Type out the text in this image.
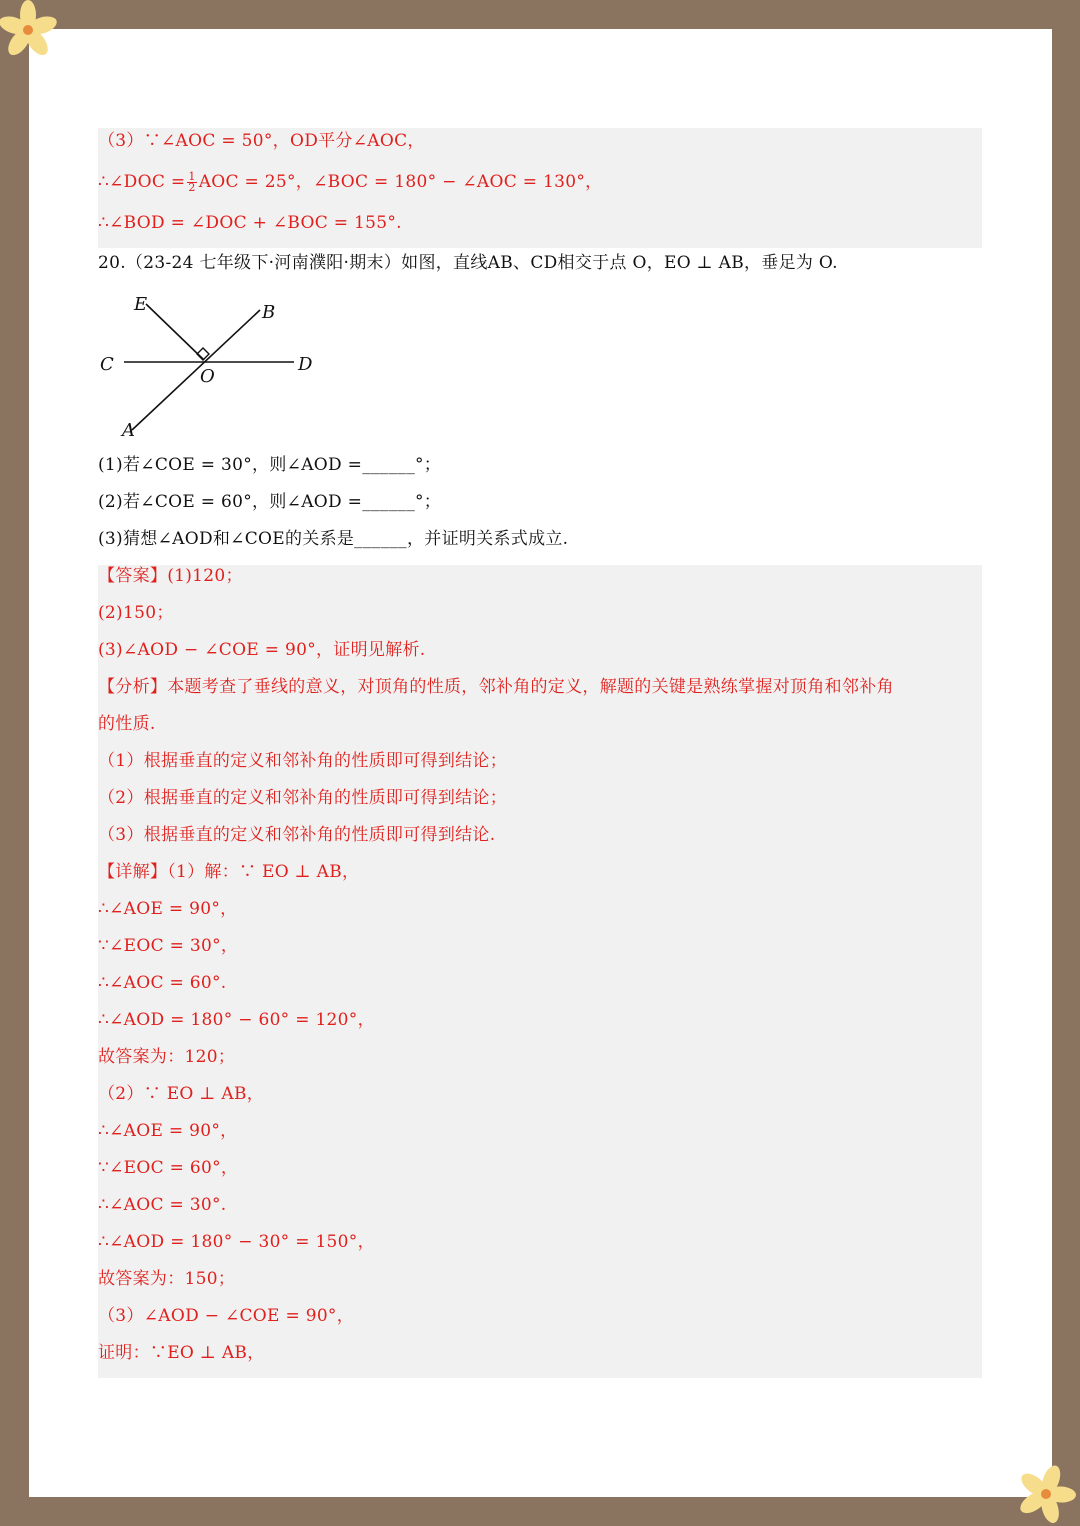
（3）∵∠AOC = 50°，OD平分∠AOC，
∴∠DOC = $\frac{1}{2}$ AOC = 25°，∠BOC = 180° − ∠AOC = 130°，
∴∠BOD = ∠DOC + ∠BOC = 155°.
20.（23-24 七年级下·河南濮阳·期末）如图，直线AB、CD相交于点 O，EO ⊥ AB，垂足为 O.
E	B
C	D
O
A
(1)若∠COE = 30°，则∠AOD =______°；
(2)若∠COE = 60°，则∠AOD =______°；
(3)猜想∠AOD和∠COE的关系是______，并证明关系式成立.
【答案】(1)120；
(2)150；
(3)∠AOD − ∠COE = 90°，证明见解析.
【分析】本题考查了垂线的意义，对顶角的性质，邻补角的定义，解题的关键是熟练掌握对顶角和邻补角
的性质.
（1）根据垂直的定义和邻补角的性质即可得到结论；
（2）根据垂直的定义和邻补角的性质即可得到结论；
（3）根据垂直的定义和邻补角的性质即可得到结论.
【详解】（1）解：∵ EO ⊥ AB，
∴∠AOE = 90°，
∵∠EOC = 30°，
∴∠AOC = 60°.
∴∠AOD = 180° − 60° = 120°，
故答案为：120；
（2）∵ EO ⊥ AB，
∴∠AOE = 90°，
∵∠EOC = 60°，
∴∠AOC = 30°.
∴∠AOD = 180° − 30° = 150°，
故答案为：150；
（3）∠AOD − ∠COE = 90°，
证明：∵EO ⊥ AB，
